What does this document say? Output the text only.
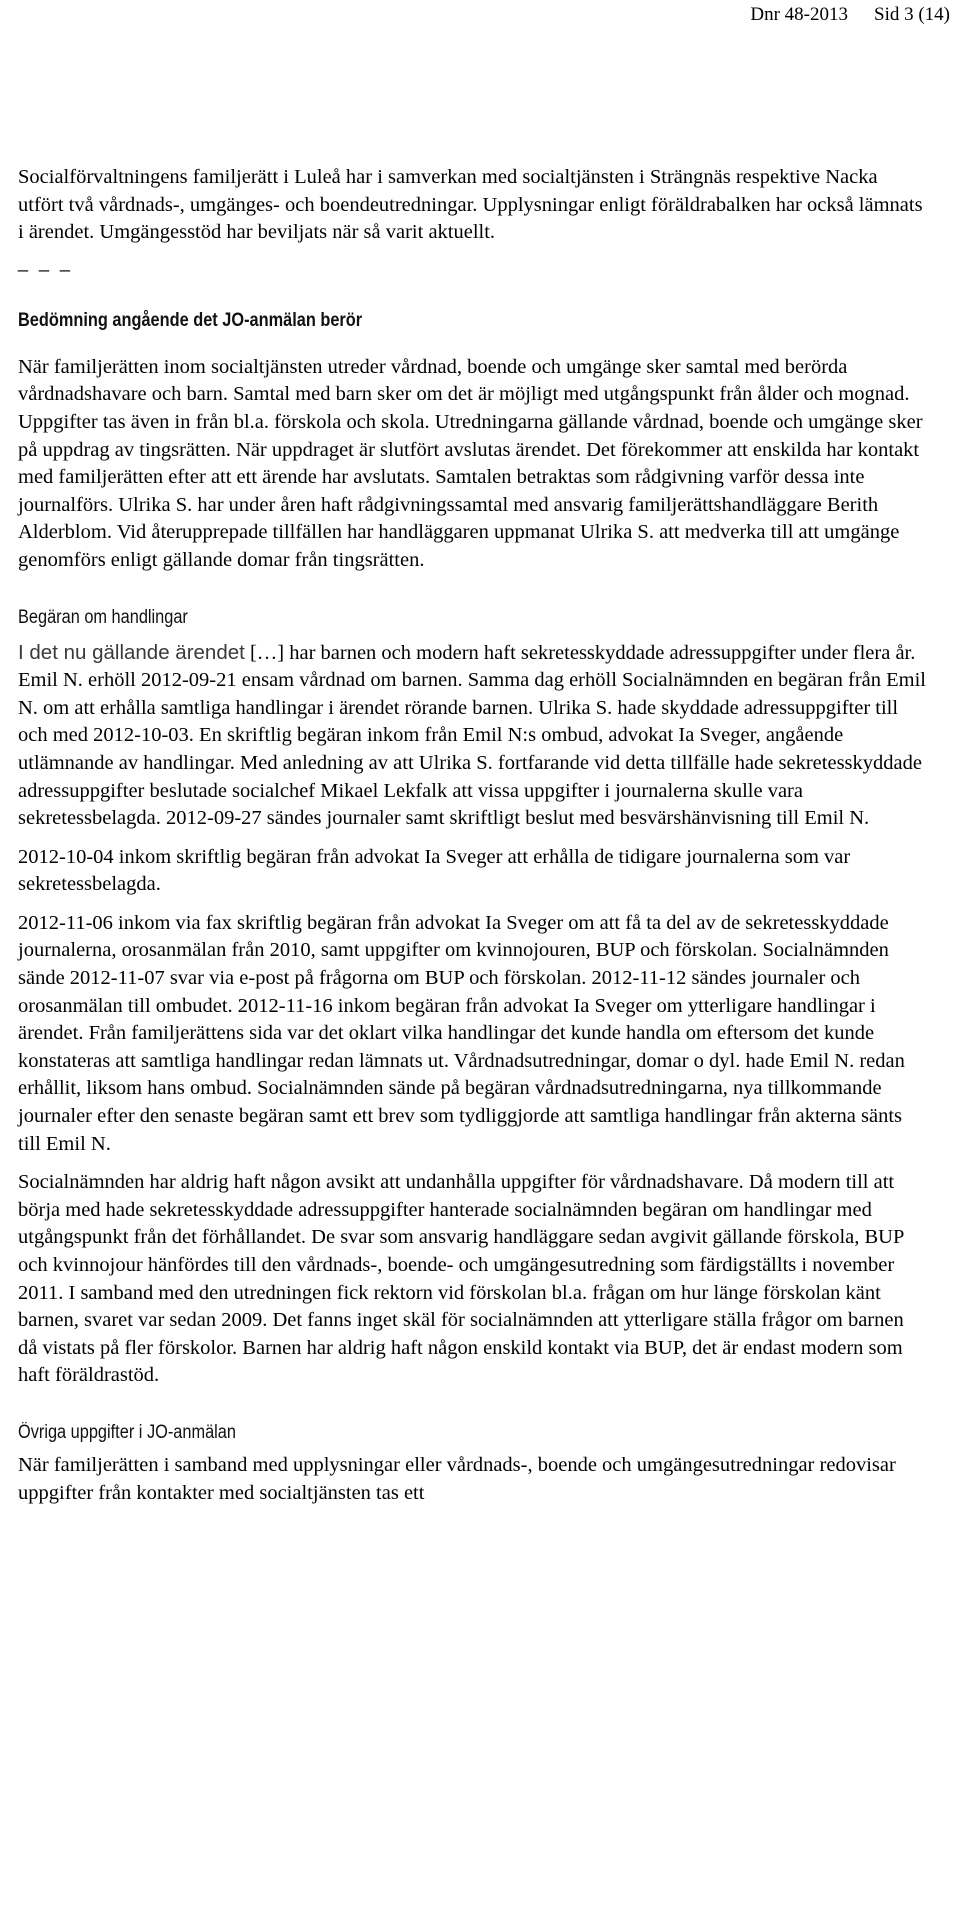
Dnr 48-2013 Sid 3 (14)

Socialförvaltningens familjerätt i Luleå har i samverkan med socialtjänsten i Strängnäs respektive Nacka utfört två vårdnads-, umgänges- och boendeutredningar. Upplysningar enligt föräldrabalken har också lämnats i ärendet. Umgängesstöd har beviljats när så varit aktuellt.

_ _ _
Bedömning angående det JO-anmälan berör

När familjerätten inom socialtjänsten utreder vårdnad, boende och umgänge sker samtal med berörda vårdnadshavare och barn. Samtal med barn sker om det är möjligt med utgångspunkt från ålder och mognad. Uppgifter tas även in från bl.a. förskola och skola. Utredningarna gällande vårdnad, boende och umgänge sker på uppdrag av tingsrätten. När uppdraget är slutfört avslutas ärendet. Det förekommer att enskilda har kontakt med familjerätten efter att ett ärende har avslutats. Samtalen betraktas som rådgivning varför dessa inte journalförs. Ulrika S. har under åren haft rådgivningssamtal med ansvarig familjerättshandläggare Berith Alderblom. Vid återupprepade tillfällen har handläggaren uppmanat Ulrika S. att medverka till att umgänge genomförs enligt gällande domar från tingsrätten.

Begäran om handlingar

I det nu gällande ärendet […] har barnen och modern haft sekretesskyddade adressuppgifter under flera år. Emil N. erhöll 2012-09-21 ensam vårdnad om barnen. Samma dag erhöll Socialnämnden en begäran från Emil N. om att erhålla samtliga handlingar i ärendet rörande barnen. Ulrika S. hade skyddade adressuppgifter till och med 2012-10-03. En skriftlig begäran inkom från Emil N:s ombud, advokat Ia Sveger, angående utlämnande av handlingar. Med anledning av att Ulrika S. fortfarande vid detta tillfälle hade sekretesskyddade adressuppgifter beslutade socialchef Mikael Lekfalk att vissa uppgifter i journalerna skulle vara sekretessbelagda. 2012-09-27 sändes journaler samt skriftligt beslut med besvärshänvisning till Emil N.

2012-10-04 inkom skriftlig begäran från advokat Ia Sveger att erhålla de tidigare journalerna som var sekretessbelagda.

2012-11-06 inkom via fax skriftlig begäran från advokat Ia Sveger om att få ta del av de sekretesskyddade journalerna, orosanmälan från 2010, samt uppgifter om kvinnojouren, BUP och förskolan. Socialnämnden sände 2012-11-07 svar via e-post på frågorna om BUP och förskolan. 2012-11-12 sändes journaler och orosanmälan till ombudet. 2012-11-16 inkom begäran från advokat Ia Sveger om ytterligare handlingar i ärendet. Från familjerättens sida var det oklart vilka handlingar det kunde handla om eftersom det kunde konstateras att samtliga handlingar redan lämnats ut. Vårdnadsutredningar, domar o dyl. hade Emil N. redan erhållit, liksom hans ombud. Socialnämnden sände på begäran vårdnadsutredningarna, nya tillkommande journaler efter den senaste begäran samt ett brev som tydliggjorde att samtliga handlingar från akterna sänts till Emil N.

Socialnämnden har aldrig haft någon avsikt att undanhålla uppgifter för vårdnadshavare. Då modern till att börja med hade sekretesskyddade adressuppgifter hanterade socialnämnden begäran om handlingar med utgångspunkt från det förhållandet. De svar som ansvarig handläggare sedan avgivit gällande förskola, BUP och kvinnojour hänfördes till den vårdnads-, boende- och umgängesutredning som färdigställts i november 2011. I samband med den utredningen fick rektorn vid förskolan bl.a. frågan om hur länge förskolan känt barnen, svaret var sedan 2009. Det fanns inget skäl för socialnämnden att ytterligare ställa frågor om barnen då vistats på fler förskolor. Barnen har aldrig haft någon enskild kontakt via BUP, det är endast modern som haft föräldrastöd.

Övriga uppgifter i JO-anmälan

När familjerätten i samband med upplysningar eller vårdnads-, boende och umgängesutredningar redovisar uppgifter från kontakter med socialtjänsten tas ett
